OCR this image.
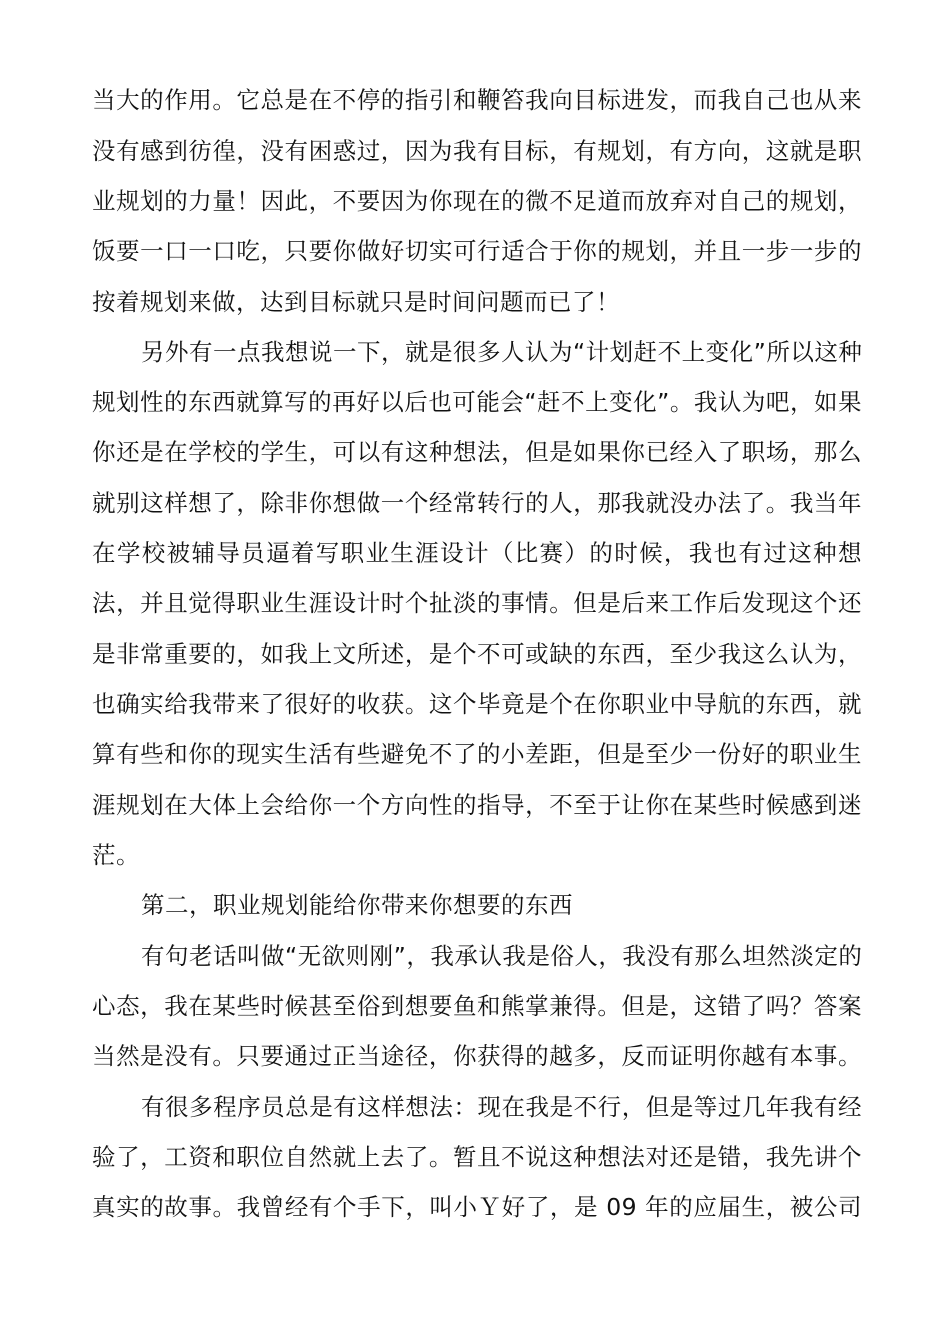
当大的作用。它总是在不停的指引和鞭笞我向目标进发，而我自己也从来
没有感到彷徨，没有困惑过，因为我有目标，有规划，有方向，这就是职
业规划的力量！因此，不要因为你现在的微不足道而放弃对自己的规划，
饭要一口一口吃，只要你做好切实可行适合于你的规划，并且一步一步的
按着规划来做，达到目标就只是时间问题而已了！
另外有一点我想说一下，就是很多人认为“计划赶不上变化”所以这种
规划性的东西就算写的再好以后也可能会“赶不上变化”。我认为吧，如果
你还是在学校的学生，可以有这种想法，但是如果你已经入了职场，那么
就别这样想了，除非你想做一个经常转行的人，那我就没办法了。我当年
在学校被辅导员逼着写职业生涯设计（比赛）的时候，我也有过这种想
法，并且觉得职业生涯设计时个扯淡的事情。但是后来工作后发现这个还
是非常重要的，如我上文所述，是个不可或缺的东西，至少我这么认为，
也确实给我带来了很好的收获。这个毕竟是个在你职业中导航的东西，就
算有些和你的现实生活有些避免不了的小差距，但是至少一份好的职业生
涯规划在大体上会给你一个方向性的指导，不至于让你在某些时候感到迷
茫。
第二，职业规划能给你带来你想要的东西
有句老话叫做“无欲则刚”，我承认我是俗人，我没有那么坦然淡定的
心态，我在某些时候甚至俗到想要鱼和熊掌兼得。但是，这错了吗？答案
当然是没有。只要通过正当途径，你获得的越多，反而证明你越有本事。
有很多程序员总是有这样想法：现在我是不行，但是等过几年我有经
验了，工资和职位自然就上去了。暂且不说这种想法对还是错，我先讲个
真实的故事。我曾经有个手下，叫小Ｙ好了，是 09 年的应届生，被公司
